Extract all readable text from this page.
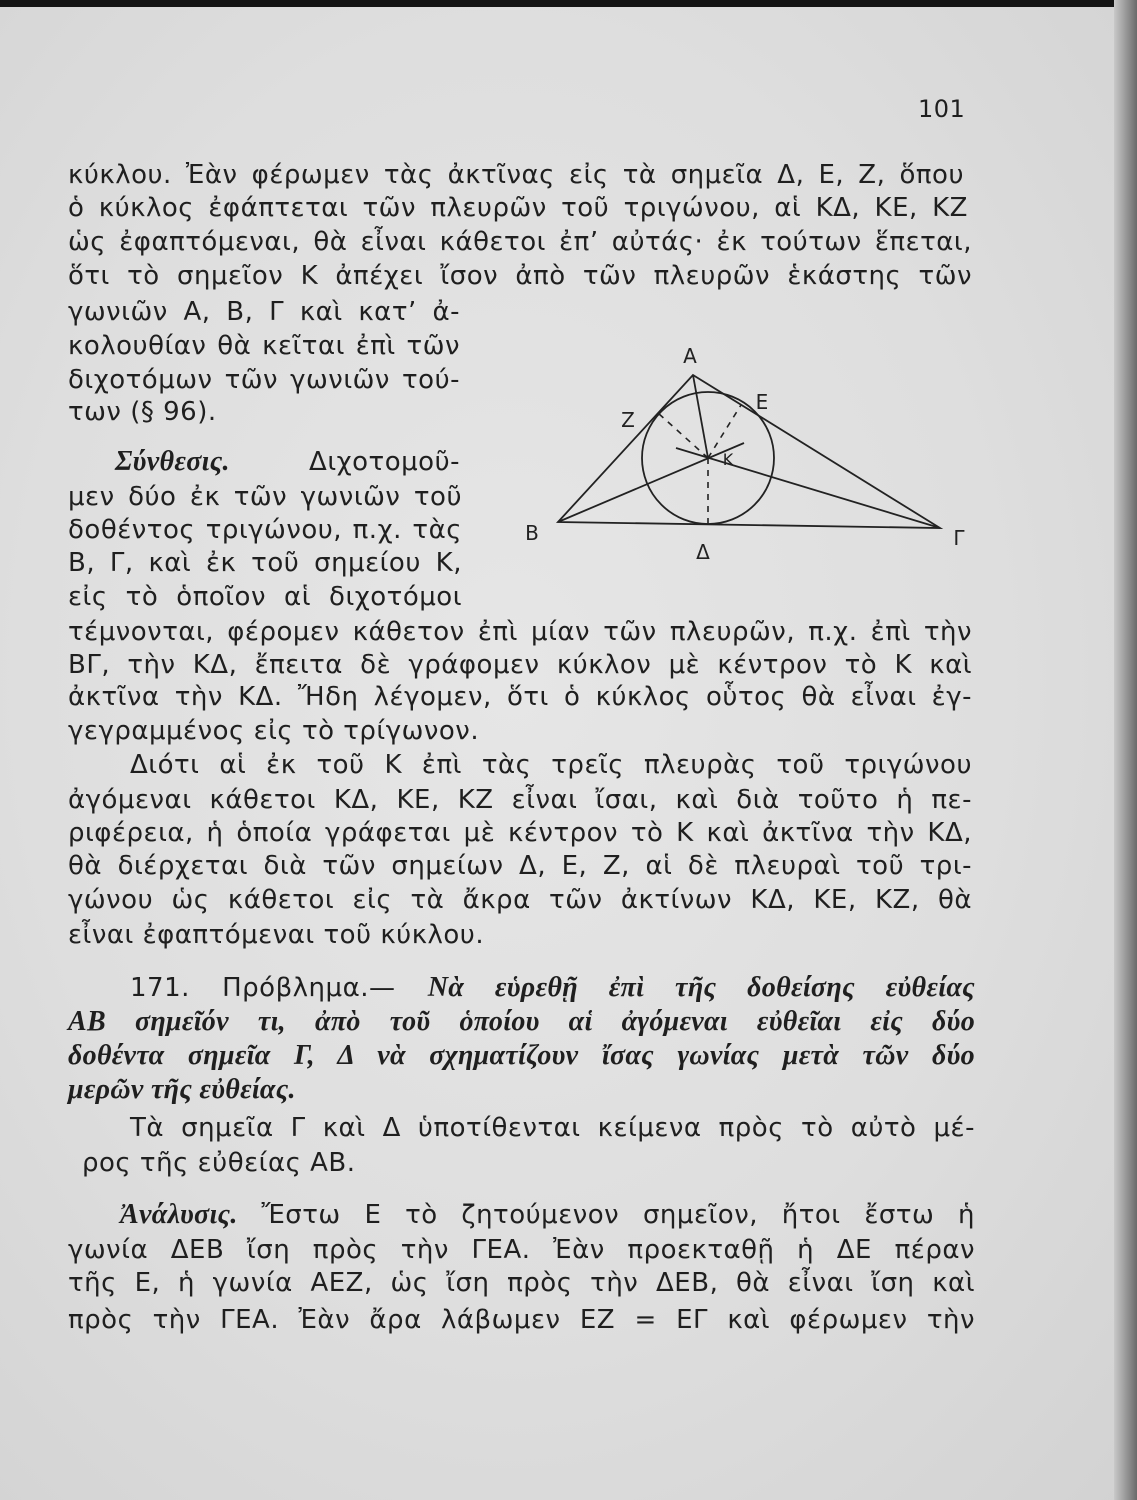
101
κύκλου. Ἐὰν φέρωμεν τὰς ἀκτῖνας εἰς τὰ σημεῖα Δ, Ε, Ζ, ὅπου
ὁ κύκλος ἐφάπτεται τῶν πλευρῶν τοῦ τριγώνου, αἱ ΚΔ, ΚΕ, ΚΖ
ὡς ἐφαπτόμεναι, θὰ εἶναι κάθετοι ἐπ’ αὐτάς· ἐκ τούτων ἕπεται,
ὅτι τὸ σημεῖον Κ ἀπέχει ἴσον ἀπὸ τῶν πλευρῶν ἑκάστης τῶν
γωνιῶν Α, Β, Γ καὶ κατ’ ἀ-
κολουθίαν θὰ κεῖται ἐπὶ τῶν
διχοτόμων τῶν γωνιῶν τού-
των (§ 96).
Σύνθεσις.	Διχοτομοῦ-
μεν δύο ἐκ τῶν γωνιῶν τοῦ
δοθέντος τριγώνου, π.χ. τὰς
Β, Γ, καὶ ἐκ τοῦ σημείου Κ,
εἰς τὸ ὁποῖον αἱ διχοτόμοι
τέμνονται, φέρομεν κάθετον ἐπὶ μίαν τῶν πλευρῶν, π.χ. ἐπὶ τὴν
ΒΓ, τὴν ΚΔ, ἔπειτα δὲ γράφομεν κύκλον μὲ κέντρον τὸ Κ καὶ
ἀκτῖνα τὴν ΚΔ. Ἤδη λέγομεν, ὅτι ὁ κύκλος οὗτος θὰ εἶναι ἐγ-
γεγραμμένος εἰς τὸ τρίγωνον.
Διότι αἱ ἐκ τοῦ Κ ἐπὶ τὰς τρεῖς πλευρὰς τοῦ τριγώνου
ἀγόμεναι κάθετοι ΚΔ, ΚΕ, ΚΖ εἶναι ἴσαι, καὶ διὰ τοῦτο ἡ πε-
ριφέρεια, ἡ ὁποία γράφεται μὲ κέντρον τὸ Κ καὶ ἀκτῖνα τὴν ΚΔ,
θὰ διέρχεται διὰ τῶν σημείων Δ, Ε, Ζ, αἱ δὲ πλευραὶ τοῦ τρι-
γώνου ὡς κάθετοι εἰς τὰ ἄκρα τῶν ἀκτίνων ΚΔ, ΚΕ, ΚΖ, θὰ
εἶναι ἐφαπτόμεναι τοῦ κύκλου.
171. Πρόβλημα.— Νὰ εὑρεθῇ ἐπὶ τῆς δοθείσης εὐθείας
ΑΒ σημεῖόν τι, ἀπὸ τοῦ ὁποίου αἱ ἀγόμεναι εὐθεῖαι εἰς δύο
δοθέντα σημεῖα Γ, Δ νὰ σχηματίζουν ἴσας γωνίας μετὰ τῶν δύο
μερῶν τῆς εὐθείας.
Τὰ σημεῖα Γ καὶ Δ ὑποτίθενται κείμενα πρὸς τὸ αὐτὸ μέ-
ρος τῆς εὐθείας ΑΒ.
Ἀνάλυσις. Ἔστω Ε τὸ ζητούμενον σημεῖον, ἤτοι ἔστω ἡ
γωνία ΔΕΒ ἴση πρὸς τὴν ΓΕΑ. Ἐὰν προεκταθῇ ἡ ΔΕ πέραν
τῆς Ε, ἡ γωνία ΑΕΖ, ὡς ἴση πρὸς τὴν ΔΕΒ, θὰ εἶναι ἴση καὶ
πρὸς τὴν ΓΕΑ. Ἐὰν ἄρα λάβωμεν ΕΖ = ΕΓ καὶ φέρωμεν τὴν
Α
Ε
Ζ
Κ
Β	Γ
Δ
